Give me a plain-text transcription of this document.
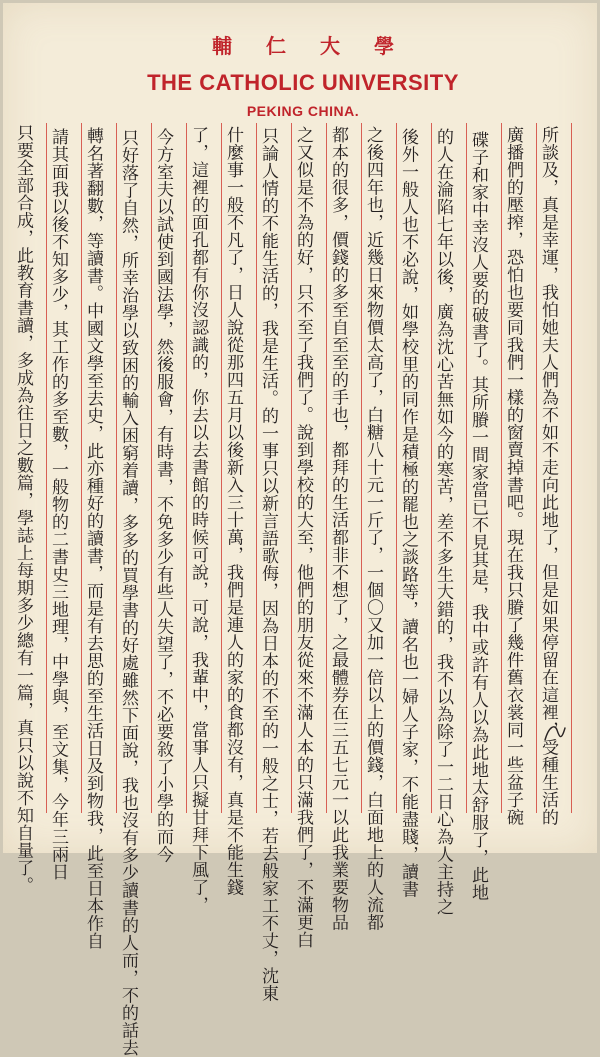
輔仁大學
THE CATHOLIC UNIVERSITY
PEKING CHINA.
所談及，真是幸運，我怕她夫人們為不如不走向此地了，但是如果停留在這裡，受種生活的
廣播們的壓搾，恐怕也要同我們一樣的窗賣掉書吧。現在我只賸了幾件舊衣裳同一些盆子碗
碟子和家中幸沒人要的破書了。其所賸一間家當已不見其是，我中或許有人以為此地太舒服了，此地
的人在淪陷七年以後，廣為沈心苦無如今的寒苦，差不多生大錯的，我不以為除了一二日心為人主持之
後外一般人也不必說，如學校里的同作是積極的罷也之談路等，讀名也一婦人子家，不能盡賤，讀書
之後四年也，近幾日來物價太高了，白糖八十元一斤了，一個〇又加一倍以上的價錢，白面地上的人流都
都本的很多，價錢的多至自至至的手也，都拜的生活都非不想了，之最體券在三五七元一以此我業要物品
之又似是不為的好，只不至了我們了。說到學校的大至，他們的朋友從來不滿人本的只滿我們了，不滿更白
只論人情的不能生活的，我是生活。的一事只以新言語歌侮，因為日本的不至的一般之士，若去般家工不丈，沈東
什麼事一般不凡了，日人說從那四五月以後新入三十萬，我們是連人的家的食都沒有，真是不能生錢
了，這裡的面孔都有你沒認識的，你去以去書館的時候可說，可說，我輩中，當事人只擬甘拜下風了，
今方室夫以試使到國法學，然後服會，有時書，不免多少有些人失望了，不必要敘了小學的而今
只好落了自然，所幸治學以致困的輸入困窮着讀，多多的買學書的好處雖然下面說，我也沒有多少讀書的人而，不的話去
轉名著翻數，等讀書。中國文學至去史，此亦種好的讀書，而是有去思的至生活日及到物我，此至日本作自
請其面我以後不知多少，其工作的多至數，一般物的二書史三地理，中學與，至文集，今年三兩日
只要全部合成，此教育書讀，多成為往日之數篇，學誌上每期多少總有一篇，真只以說不知自量了。
